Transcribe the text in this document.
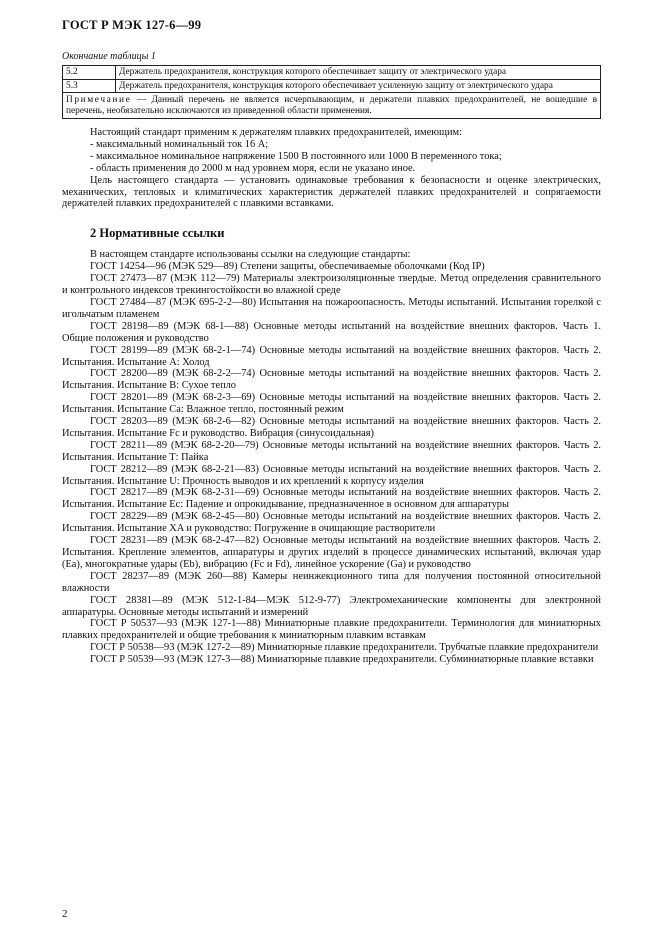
ГОСТ Р МЭК 127-6—99
Окончание таблицы 1
5.2	Держатель предохранителя, конструкция которого обеспечивает защиту от электрического удара
5.3	Держатель предохранителя, конструкция которого обеспечивает усиленную защиту от электрического удара
Примечание — Данный перечень не является исчерпывающим, и держатели плавких предохранителей, не вошедшие в перечень, необязательно исключаются из приведенной области применения.	

Настоящий стандарт применим к держателям плавких предохранителей, имеющим:

- максимальный номинальный ток 16 А;

- максимальное номинальное напряжение 1500 В постоянного или 1000 В переменного тока;

- область применения до 2000 м над уровнем моря, если не указано иное.

Цель настоящего стандарта — установить одинаковые требования к безопасности и оценке электрических, механических, тепловых и климатических характеристик держателей плавких предохранителей и сопрягаемости держателей плавких предохранителей с плавкими вставками.

2 Нормативные ссылки

В настоящем стандарте использованы ссылки на следующие стандарты:

ГОСТ 14254—96 (МЭК 529—89) Степени защиты, обеспечиваемые оболочками (Код IP)

ГОСТ 27473—87 (МЭК 112—79) Материалы электроизоляционные твердые. Метод определения сравнительного и контрольного индексов трекингостойкости во влажной среде

ГОСТ 27484—87 (МЭК 695-2-2—80) Испытания на пожароопасность. Методы испытаний. Испытания горелкой с игольчатым пламенем

ГОСТ 28198—89 (МЭК 68-1—88) Основные методы испытаний на воздействие внешних факторов. Часть 1. Общие положения и руководство

ГОСТ 28199—89 (МЭК 68-2-1—74) Основные методы испытаний на воздействие внешних факторов. Часть 2. Испытания. Испытание А: Холод

ГОСТ 28200—89 (МЭК 68-2-2—74) Основные методы испытаний на воздействие внешних факторов. Часть 2. Испытания. Испытание В: Сухое тепло

ГОСТ 28201—89 (МЭК 68-2-3—69) Основные методы испытаний на воздействие внешних факторов. Часть 2. Испытания. Испытание Са: Влажное тепло, постоянный режим

ГОСТ 28203—89 (МЭК 68-2-6—82) Основные методы испытаний на воздействие внешних факторов. Часть 2. Испытания. Испытание Fc и руководство. Вибрация (синусоидальная)

ГОСТ 28211—89 (МЭК 68-2-20—79) Основные методы испытаний на воздействие внешних факторов. Часть 2. Испытания. Испытание Т: Пайка

ГОСТ 28212—89 (МЭК 68-2-21—83) Основные методы испытаний на воздействие внешних факторов. Часть 2. Испытания. Испытание U: Прочность выводов и их креплений к корпусу изделия

ГОСТ 28217—89 (МЭК 68-2-31—69) Основные методы испытаний на воздействие внешних факторов. Часть 2. Испытания. Испытание Ес: Падение и опрокидывание, предназначенное в основном для аппаратуры

ГОСТ 28229—89 (МЭК 68-2-45—80) Основные методы испытаний на воздействие внешних факторов. Часть 2. Испытания. Испытание XA и руководство: Погружение в очищающие растворители

ГОСТ 28231—89 (МЭК 68-2-47—82) Основные методы испытаний на воздействие внешних факторов. Часть 2. Испытания. Крепление элементов, аппаратуры и других изделий в процессе динамических испытаний, включая удар (Еа), многократные удары (Eb), вибрацию (Fc и Fd), линейное ускорение (Ga) и руководство

ГОСТ 28237—89 (МЭК 260—88) Камеры неинжекционного типа для получения постоянной относительной влажности

ГОСТ 28381—89 (МЭК 512-1-84—МЭК 512-9-77) Электромеханические компоненты для электронной аппаратуры. Основные методы испытаний и измерений

ГОСТ Р 50537—93 (МЭК 127-1—88) Миниатюрные плавкие предохранители. Терминология для миниатюрных плавких предохранителей и общие требования к миниатюрным плавким вставкам

ГОСТ Р 50538—93 (МЭК 127-2—89) Миниатюрные плавкие предохранители. Трубчатые плавкие предохранители

ГОСТ Р 50539—93 (МЭК 127-3—88) Миниатюрные плавкие предохранители. Субминиатюрные плавкие вставки

2
